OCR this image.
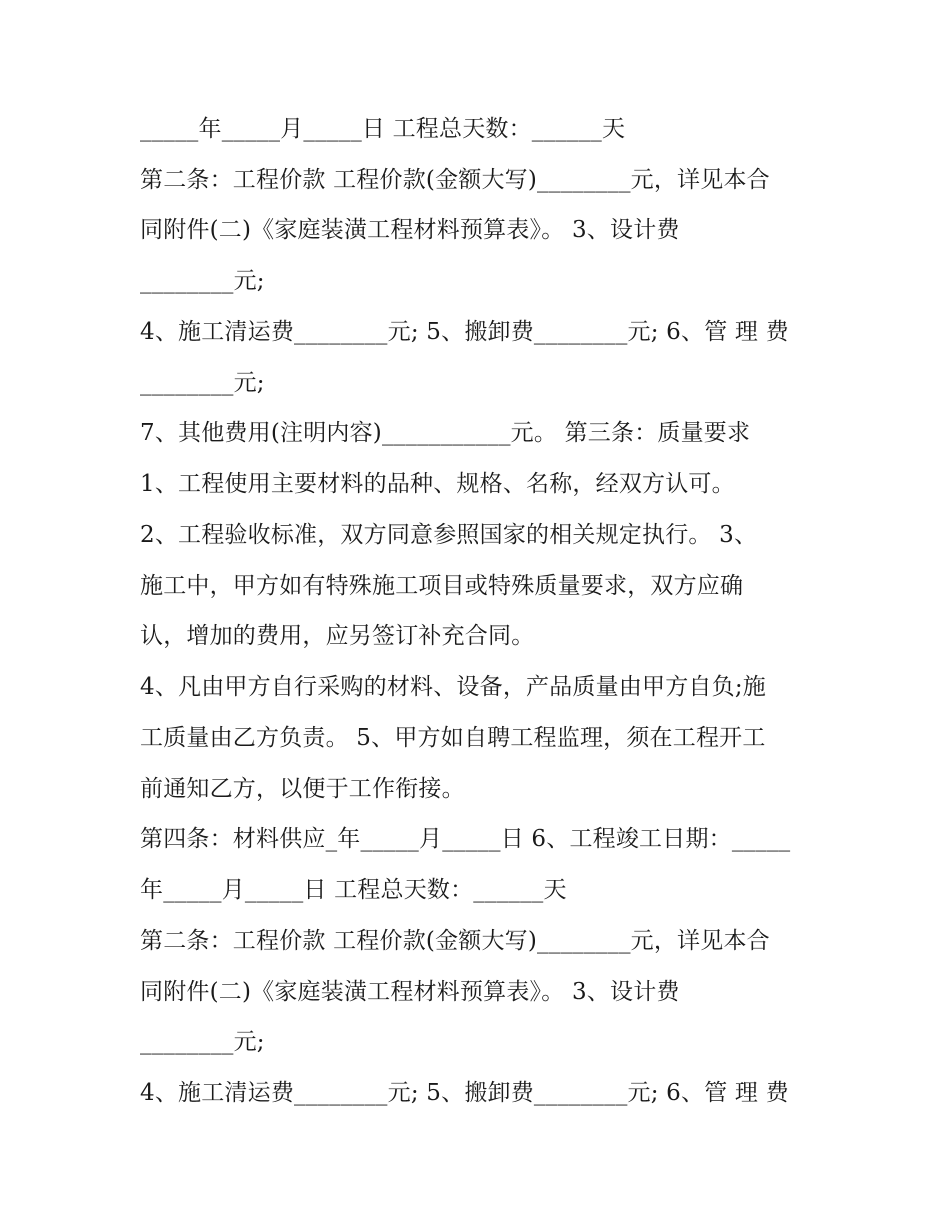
_____年_____月_____日 工程总天数：______天
第二条：工程价款 工程价款(金额大写)________元，详见本合
同附件(二)《家庭装潢工程材料预算表》。 3、设计费
________元;
4、施工清运费________元; 5、搬卸费________元; 6、管 理 费
________元;
7、其他费用(注明内容)___________元。 第三条：质量要求
1、工程使用主要材料的品种、规格、名称，经双方认可。
2、工程验收标准，双方同意参照国家的相关规定执行。 3、
施工中，甲方如有特殊施工项目或特殊质量要求，双方应确
认，增加的费用，应另签订补充合同。
4、凡由甲方自行采购的材料、设备，产品质量由甲方自负;施
工质量由乙方负责。 5、甲方如自聘工程监理，须在工程开工
前通知乙方，以便于工作衔接。
第四条：材料供应_年_____月_____日 6、工程竣工日期：_____
年_____月_____日 工程总天数：______天
第二条：工程价款 工程价款(金额大写)________元，详见本合
同附件(二)《家庭装潢工程材料预算表》。 3、设计费
________元;
4、施工清运费________元; 5、搬卸费________元; 6、管 理 费
